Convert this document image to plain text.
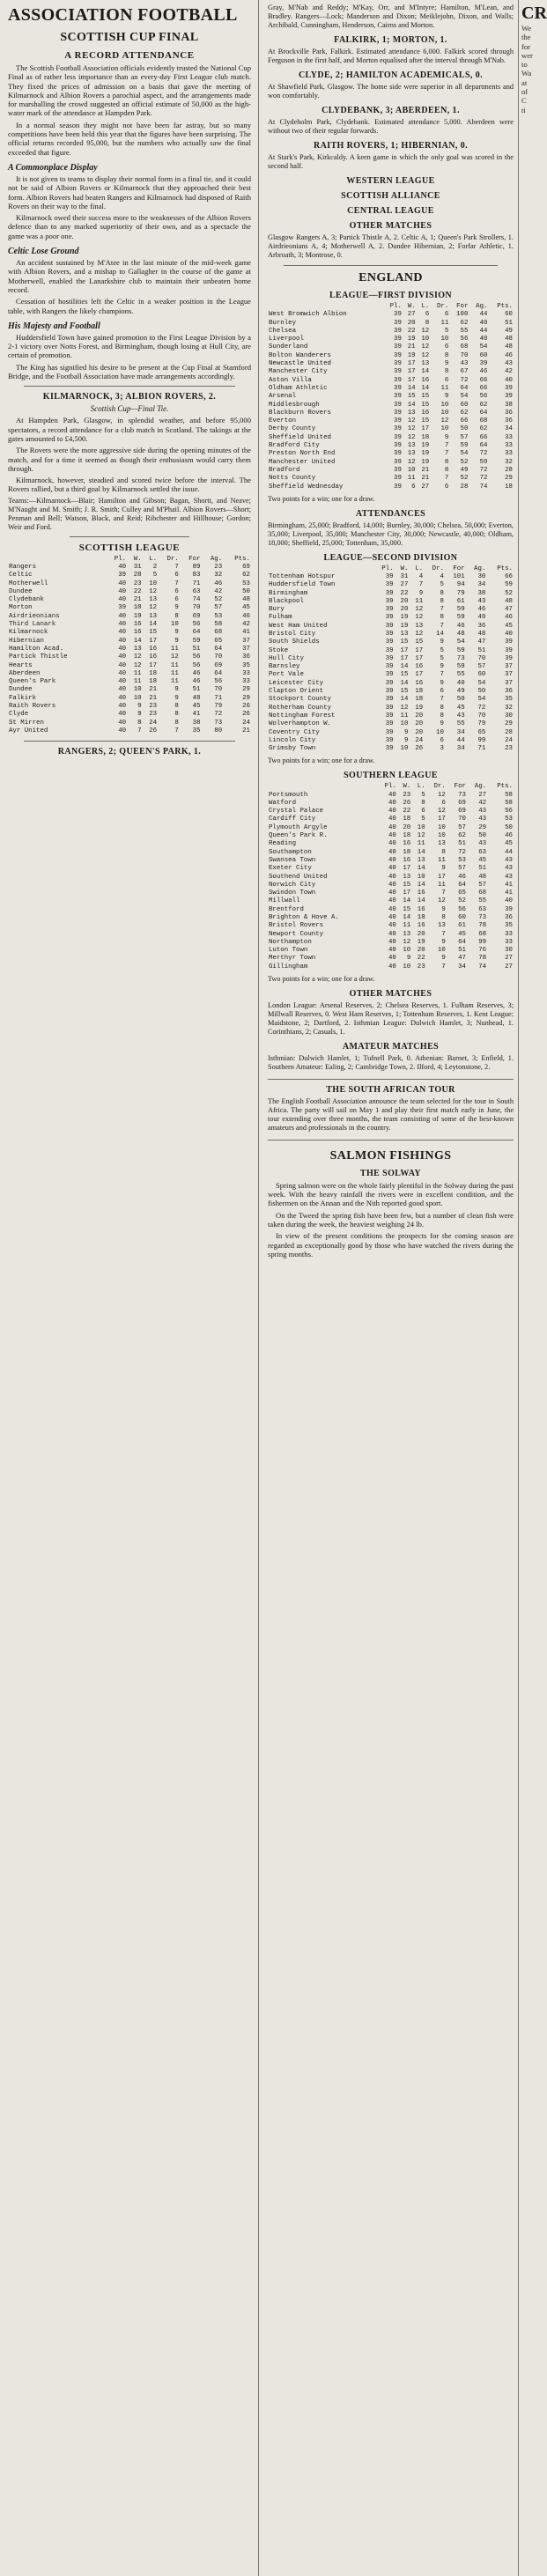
ASSOCIATION FOOTBALL
SCOTTISH CUP FINAL
A RECORD ATTENDANCE

The Scottish Football Association officials evidently trusted the National Cup Final as of rather less importance than an every-day First League club match. They fixed the prices of admission on a basis that gave the meeting of Kilmarnock and Albion Rovers a parochial aspect, and the arrangements made for marshalling the crowd suggested an official estimate of 50,000 as the high-water mark of the attendance at Hampden Park.

In a normal season they might not have been far astray, but so many competitions have been held this year that the figures have been surprising. The official returns recorded 95,000, but the numbers who actually saw the final exceeded that figure.

A Commonplace Display

It is not given to teams to display their normal form in a final tie, and it could not be said of Albion Rovers or Kilmarnock that they approached their best form. Albion Rovers had beaten Rangers and Kilmarnock had disposed of Raith Rovers on their way to the final.

Kilmarnock owed their success more to the weaknesses of the Albion Rovers defence than to any marked superiority of their own, and as a spectacle the game was a poor one.

Celtic Lose Ground

An accident sustained by M'Atee in the last minute of the mid-week game with Albion Rovers, and a mishap to Gallagher in the course of the game at Motherwell, enabled the Lanarkshire club to maintain their unbeaten home record.

Cessation of hostilities left the Celtic in a weaker position in the League table, with Rangers the likely champions.

His Majesty and Football

Huddersfield Town have gained promotion to the First League Division by a 2-1 victory over Notts Forest, and Birmingham, though losing at Hull City, are certain of promotion.

The King has signified his desire to be present at the Cup Final at Stamford Bridge, and the Football Association have made arrangements accordingly.

KILMARNOCK, 3; ALBION ROVERS, 2.
Scottish Cup—Final Tie.

At Hampden Park, Glasgow, in splendid weather, and before 95,000 spectators, a record attendance for a club match in Scotland. The takings at the gates amounted to £4,500.

The Rovers were the more aggressive side during the opening minutes of the match, and for a time it seemed as though their enthusiasm would carry them through.

Kilmarnock, however, steadied and scored twice before the interval. The Rovers rallied, but a third goal by Kilmarnock settled the issue.

Teams:—Kilmarnock—Blair; Hamilton and Gibson; Bagan, Shortt, and Neave; M'Naught and M. Smith; J. R. Smith; Culley and M'Phail. Albion Rovers—Short; Penman and Bell; Watson, Black, and Reid; Ribchester and Hillhouse; Gordon; Weir and Ford.
SCOTTISH LEAGUE
	Pl.	W.	L.	Dr.	For	Ag.	Pts.
Rangers	40	31	2	7	89	23	69
Celtic	39	28	5	6	83	32	62
Motherwell	40	23	10	7	71	46	53
Dundee	40	22	12	6	63	42	50
Clydebank	40	21	13	6	74	52	48
Morton	39	18	12	9	70	57	45
Airdrieonians	40	19	13	8	69	53	46
Third Lanark	40	16	14	10	56	58	42
Kilmarnock	40	16	15	9	64	68	41
Hibernian	40	14	17	9	59	65	37
Hamilton Acad.	40	13	16	11	51	64	37
Partick Thistle	40	12	16	12	56	70	36
Hearts	40	12	17	11	56	69	35
Aberdeen	40	11	18	11	46	64	33
Queen's Park	40	11	18	11	46	56	33
Dundee	40	10	21	9	51	70	29
Falkirk	40	10	21	9	48	71	29
Raith Rovers	40	9	23	8	45	79	26
Clyde	40	9	23	8	41	72	26
St Mirren	40	8	24	8	38	73	24
Ayr United	40	7	26	7	35	80	21
RANGERS, 2; QUEEN'S PARK, 1.
Gray, M'Nab and Reddy; M'Kay, Orr, and M'Intyre; Hamilton, M'Lean, and Bradley. Rangers—Lock; Manderson and Dixon; Meiklejohn, Dixon, and Walls; Archibald, Cunningham, Henderson, Cairns and Morton.
FALKIRK, 1; MORTON, 1.
At Brockville Park, Falkirk. Estimated attendance 6,000. Falkirk scored through Ferguson in the first half, and Morton equalised after the interval through M'Nab.
CLYDE, 2; HAMILTON ACADEMICALS, 0.
At Shawfield Park, Glasgow. The home side were superior in all departments and won comfortably.
CLYDEBANK, 3; ABERDEEN, 1.
At Clydeholm Park, Clydebank. Estimated attendance 5,000. Aberdeen were without two of their regular forwards.
RAITH ROVERS, 1; HIBERNIAN, 0.
At Stark's Park, Kirkcaldy. A keen game in which the only goal was scored in the second half.
WESTERN LEAGUE
SCOTTISH ALLIANCE
CENTRAL LEAGUE
OTHER MATCHES
Glasgow Rangers A, 3; Partick Thistle A, 2. Celtic A, 1; Queen's Park Strollers, 1. Airdrieonians A, 4; Motherwell A, 2. Dundee Hibernian, 2; Forfar Athletic, 1. Arbroath, 3; Montrose, 0.
ENGLAND
LEAGUE—FIRST DIVISION
	Pl.	W.	L.	Dr.	For	Ag.	Pts.
West Bromwich Albion	39	27	6	6	100	44	60
Burnley	39	20	8	11	62	40	51
Chelsea	39	22	12	5	55	44	49
Liverpool	39	19	10	10	56	40	48
Sunderland	39	21	12	6	68	54	48
Bolton Wanderers	39	19	12	8	70	60	46
Newcastle United	39	17	13	9	43	39	43
Manchester City	39	17	14	8	67	46	42
Aston Villa	39	17	16	6	72	66	40
Oldham Athletic	39	14	14	11	64	66	39
Arsenal	39	15	15	9	54	56	39
Middlesbrough	39	14	15	10	60	62	38
Blackburn Rovers	39	13	16	10	62	64	36
Everton	39	12	15	12	66	68	36
Derby County	39	12	17	10	50	62	34
Sheffield United	39	12	18	9	57	66	33
Bradford City	39	13	19	7	59	64	33
Preston North End	39	13	19	7	54	72	33
Manchester United	39	12	19	8	52	59	32
Bradford	39	10	21	8	49	72	28
Notts County	39	11	21	7	52	72	29
Sheffield Wednesday	39	6	27	6	28	74	18
Two points for a win; one for a draw.
ATTENDANCES
Birmingham, 25,000; Bradford, 14,000; Burnley, 30,000; Chelsea, 50,000; Everton, 35,000; Liverpool, 35,000; Manchester City, 30,000; Newcastle, 40,000; Oldham, 18,000; Sheffield, 25,000; Tottenham, 35,000.
LEAGUE—SECOND DIVISION
	Pl.	W.	L.	Dr.	For	Ag.	Pts.
Tottenham Hotspur	39	31	4	4	101	30	66
Huddersfield Town	39	27	7	5	94	34	59
Birmingham	39	22	9	8	79	38	52
Blackpool	39	20	11	8	61	43	48
Bury	39	20	12	7	59	46	47
Fulham	39	19	12	8	59	49	46
West Ham United	39	19	13	7	46	36	45
Bristol City	39	13	12	14	48	48	40
South Shields	39	15	15	9	54	47	39
Stoke	39	17	17	5	59	51	39
Hull City	39	17	17	5	73	70	39
Barnsley	39	14	16	9	59	57	37
Port Vale	39	15	17	7	55	60	37
Leicester City	39	14	16	9	40	54	37
Clapton Orient	39	15	18	6	49	50	36
Stockport County	39	14	18	7	50	54	35
Rotherham County	39	12	19	8	45	72	32
Nottingham Forest	39	11	20	8	43	70	30
Wolverhampton W.	39	10	20	9	55	79	29
Coventry City	39	9	20	10	34	65	28
Lincoln City	39	9	24	6	44	99	24
Grimsby Town	39	10	26	3	34	71	23
Two points for a win; one for a draw.
SOUTHERN LEAGUE
	Pl.	W.	L.	Dr.	For	Ag.	Pts.
Portsmouth	40	23	5	12	73	27	58
Watford	40	26	8	6	69	42	58
Crystal Palace	40	22	6	12	69	43	56
Cardiff City	40	18	5	17	70	43	53
Plymouth Argyle	40	20	10	10	57	29	50
Queen's Park R.	40	18	12	10	62	50	46
Reading	40	16	11	13	51	43	45
Southampton	40	18	14	8	72	63	44
Swansea Town	40	16	13	11	53	45	43
Exeter City	40	17	14	9	57	51	43
Southend United	40	13	10	17	46	48	43
Norwich City	40	15	14	11	64	57	41
Swindon Town	40	17	16	7	65	68	41
Millwall	40	14	14	12	52	55	40
Brentford	40	15	16	9	56	63	39
Brighton & Hove A.	40	14	18	8	60	73	36
Bristol Rovers	40	11	16	13	61	78	35
Newport County	40	13	20	7	45	68	33
Northampton	40	12	19	9	64	99	33
Luton Town	40	10	20	10	51	76	30
Merthyr Town	40	9	22	9	47	78	27
Gillingham	40	10	23	7	34	74	27
Two points for a win; one for a draw.
OTHER MATCHES
London League: Arsenal Reserves, 2; Chelsea Reserves, 1. Fulham Reserves, 3; Millwall Reserves, 0. West Ham Reserves, 1; Tottenham Reserves, 1. Kent League: Maidstone, 2; Dartford, 2. Isthmian League: Dulwich Hamlet, 3; Nunhead, 1. Corinthians, 2; Casuals, 1.
AMATEUR MATCHES
Isthmian: Dulwich Hamlet, 1; Tufnell Park, 0. Athenian: Barnet, 3; Enfield, 1. Southern Amateur: Ealing, 2; Cambridge Town, 2. Ilford, 4; Leytonstone, 2.
THE SOUTH AFRICAN TOUR
The English Football Association announce the team selected for the tour in South Africa. The party will sail on May 1 and play their first match early in June, the tour extending over three months, the team consisting of some of the best-known amateurs and professionals in the country.
SALMON FISHINGS
THE SOLWAY

Spring salmon were on the whole fairly plentiful in the Solway during the past week. With the heavy rainfall the rivers were in excellent condition, and the fishermen on the Annan and the Nith reported good sport.

On the Tweed the spring fish have been few, but a number of clean fish were taken during the week, the heaviest weighing 24 lb.

In view of the present conditions the prospects for the coming season are regarded as exceptionally good by those who have watched the rivers during the spring months.

CR
We
the
for
wer
to
Wa
at
of
C
ti
